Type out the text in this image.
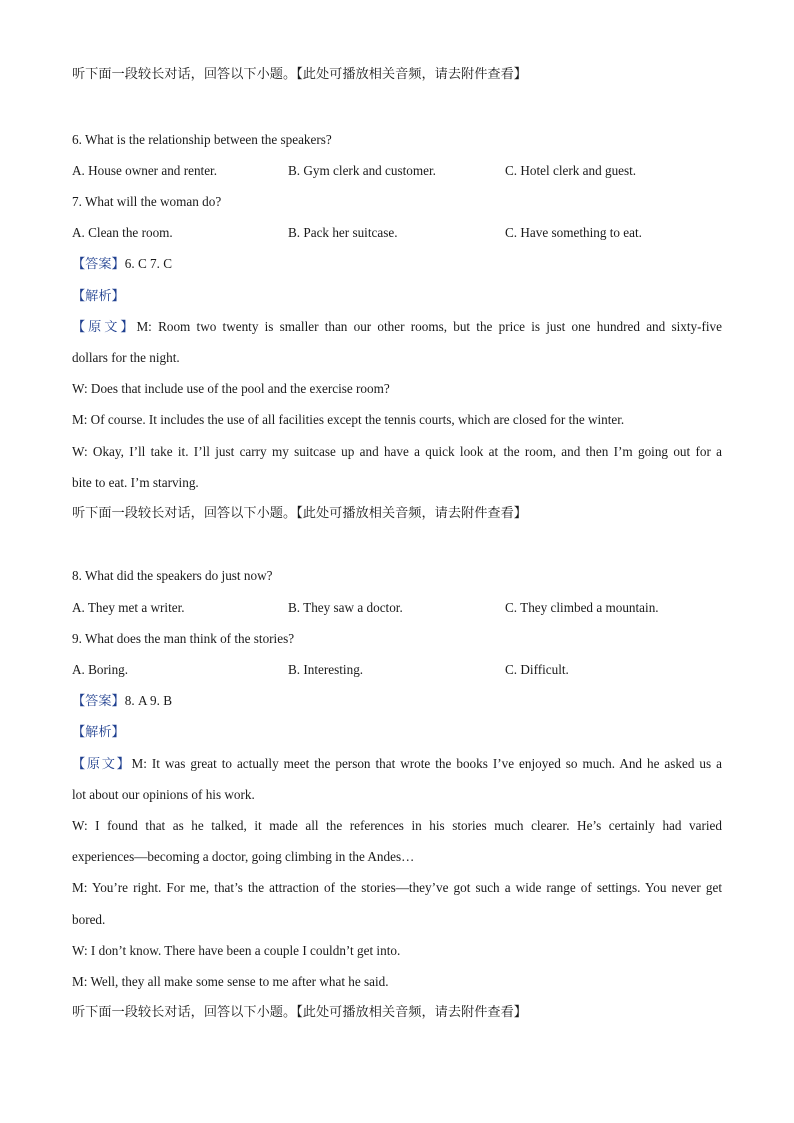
听下面一段较长对话，回答以下小题。【此处可播放相关音频，请去附件查看】
6. What is the relationship between the speakers?
A. House owner and renter.	B. Gym clerk and customer.	C. Hotel clerk and guest.
7. What will the woman do?
A. Clean the room.	B. Pack her suitcase.	C. Have something to eat.
【答案】6. C 7. C
【解析】
【原文】M: Room two twenty is smaller than our other rooms, but the price is just one hundred and sixty-five
dollars for the night.
W: Does that include use of the pool and the exercise room?
M: Of course. It includes the use of all facilities except the tennis courts, which are closed for the winter.
W: Okay, I’ll take it. I’ll just carry my suitcase up and have a quick look at the room, and then I’m going out for a
bite to eat. I’m starving.
听下面一段较长对话，回答以下小题。【此处可播放相关音频，请去附件查看】
8. What did the speakers do just now?
A. They met a writer.	B. They saw a doctor.	C. They climbed a mountain.
9. What does the man think of the stories?
A. Boring.	B. Interesting.	C. Difficult.
【答案】8. A 9. B
【解析】
【原文】M: It was great to actually meet the person that wrote the books I’ve enjoyed so much. And he asked us a
lot about our opinions of his work.
W: I found that as he talked, it made all the references in his stories much clearer. He’s certainly had varied
experiences—becoming a doctor, going climbing in the Andes…
M: You’re right. For me, that’s the attraction of the stories—they’ve got such a wide range of settings. You never get
bored.
W: I don’t know. There have been a couple I couldn’t get into.
M: Well, they all make some sense to me after what he said.
听下面一段较长对话，回答以下小题。【此处可播放相关音频，请去附件查看】
